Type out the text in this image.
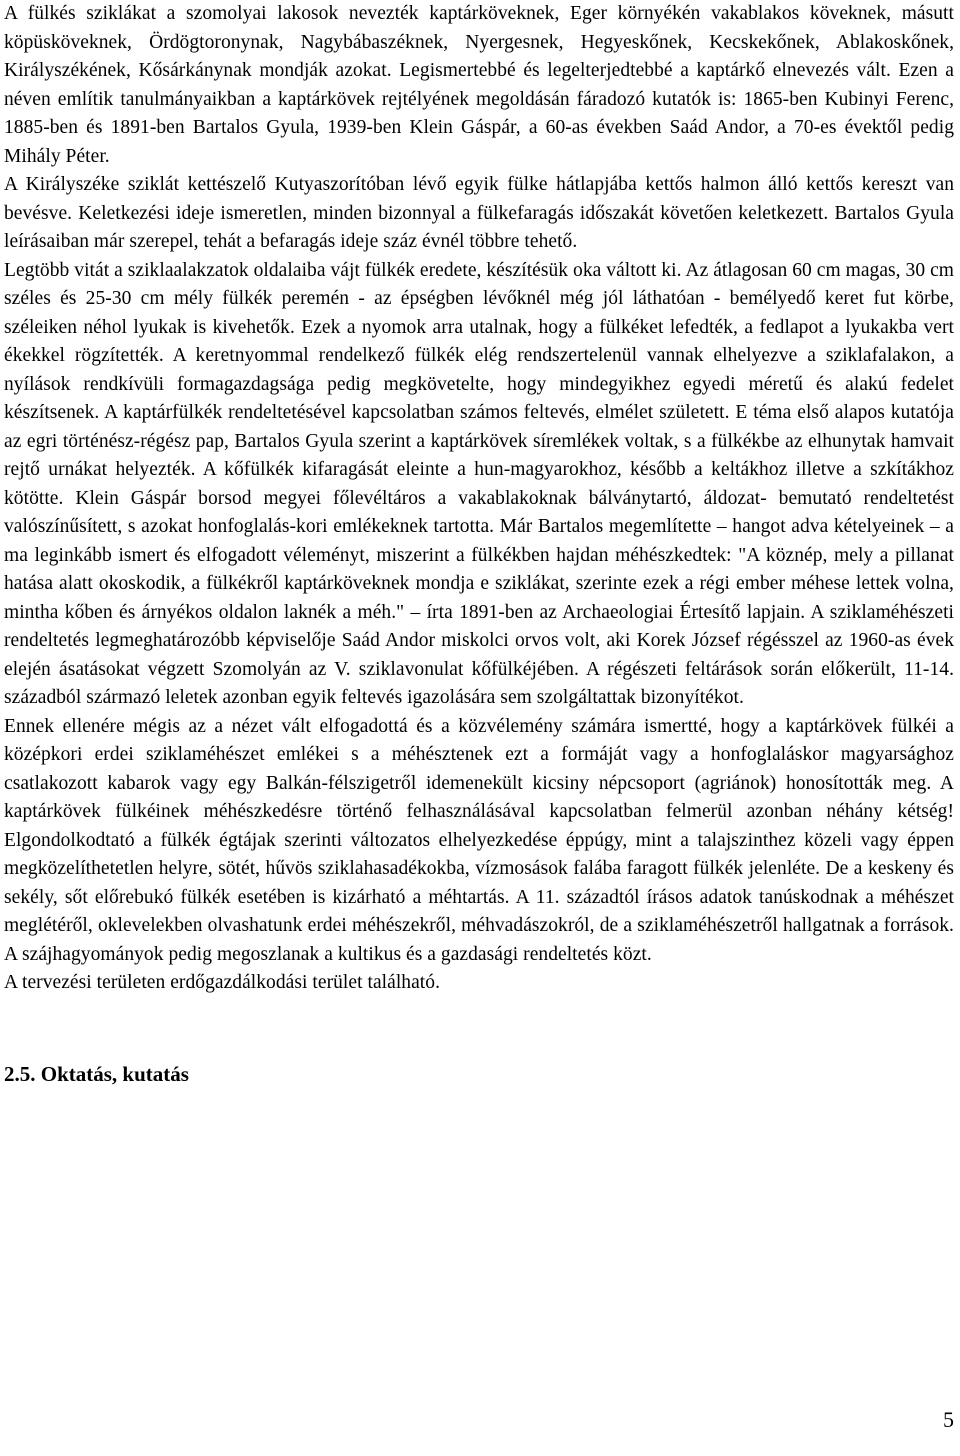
A fülkés sziklákat a szomolyai lakosok nevezték kaptárköveknek, Eger környékén vakablakos köveknek, másutt köpüsköveknek, Ördögtoronynak, Nagybábaszéknek, Nyergesnek, Hegyeskőnek, Kecskekőnek, Ablakoskőnek, Királyszékének, Kősárkánynak mondják azokat. Legismertebbé és legelterjedtebbé a kaptárkő elnevezés vált. Ezen a néven említik tanulmányaikban a kaptárkövek rejtélyének megoldásán fáradozó kutatók is: 1865-ben Kubinyi Ferenc, 1885-ben és 1891-ben Bartalos Gyula, 1939-ben Klein Gáspár, a 60-as években Saád Andor, a 70-es évektől pedig Mihály Péter.

A Királyszéke sziklát kettészelő Kutyaszorítóban lévő egyik fülke hátlapjába kettős halmon álló kettős kereszt van bevésve. Keletkezési ideje ismeretlen, minden bizonnyal a fülkefaragás időszakát követően keletkezett. Bartalos Gyula leírásaiban már szerepel, tehát a befaragás ideje száz évnél többre tehető.

Legtöbb vitát a sziklaalakzatok oldalaiba vájt fülkék eredete, készítésük oka váltott ki. Az átlagosan 60 cm magas, 30 cm széles és 25-30 cm mély fülkék peremén - az épségben lévőknél még jól láthatóan - bemélyedő keret fut körbe, széleiken néhol lyukak is kivehetők. Ezek a nyomok arra utalnak, hogy a fülkéket lefedték, a fedlapot a lyukakba vert ékekkel rögzítették. A keretnyommal rendelkező fülkék elég rendszertelenül vannak elhelyezve a sziklafalakon, a nyílások rendkívüli formagazdagsága pedig megkövetelte, hogy mindegyikhez egyedi méretű és alakú fedelet készítsenek. A kaptárfülkék rendeltetésével kapcsolatban számos feltevés, elmélet született. E téma első alapos kutatója az egri történész-régész pap, Bartalos Gyula szerint a kaptárkövek síremlékek voltak, s a fülkékbe az elhunytak hamvait rejtő urnákat helyezték. A kőfülkék kifaragását eleinte a hun-magyarokhoz, később a keltákhoz illetve a szkítákhoz kötötte. Klein Gáspár borsod megyei főlevéltáros a vakablakoknak bálványtartó, áldozat- bemutató rendeltetést valószínűsített, s azokat honfoglalás-kori emlékeknek tartotta. Már Bartalos megemlítette – hangot adva kételyeinek – a ma leginkább ismert és elfogadott véleményt, miszerint a fülkékben hajdan méhészkedtek: "A köznép, mely a pillanat hatása alatt okoskodik, a fülkékről kaptárköveknek mondja e sziklákat, szerinte ezek a régi ember méhese lettek volna, mintha kőben és árnyékos oldalon laknék a méh." – írta 1891-ben az Archaeologiai Értesítő lapjain. A sziklaméhészeti rendeltetés legmeghatározóbb képviselője Saád Andor miskolci orvos volt, aki Korek József régésszel az 1960-as évek elején ásatásokat végzett Szomolyán az V. sziklavonulat kőfülkéjében. A régészeti feltárások során előkerült, 11-14. századból származó leletek azonban egyik feltevés igazolására sem szolgáltattak bizonyítékot.

Ennek ellenére mégis az a nézet vált elfogadottá és a közvélemény számára ismertté, hogy a kaptárkövek fülkéi a középkori erdei sziklaméhészet emlékei s a méhésztenek ezt a formáját vagy a honfoglaláskor magyarsághoz csatlakozott kabarok vagy egy Balkán-félszigetről idemenekült kicsiny népcsoport (agriánok) honosították meg. A kaptárkövek fülkéinek méhészkedésre történő felhasználásával kapcsolatban felmerül azonban néhány kétség! Elgondolkodtató a fülkék égtájak szerinti változatos elhelyezkedése éppúgy, mint a talajszinthez közeli vagy éppen megközelíthetetlen helyre, sötét, hűvös sziklahasadékokba, vízmosások falába faragott fülkék jelenléte. De a keskeny és sekély, sőt előrebukó fülkék esetében is kizárható a méhtartás. A 11. századtól írásos adatok tanúskodnak a méhészet meglétéről, oklevelekben olvashatunk erdei méhészekről, méhvadászokról, de a sziklaméhészetről hallgatnak a források. A szájhagyományok pedig megoszlanak a kultikus és a gazdasági rendeltetés közt.

A tervezési területen erdőgazdálkodási terület található.

2.5. Oktatás, kutatás
5
